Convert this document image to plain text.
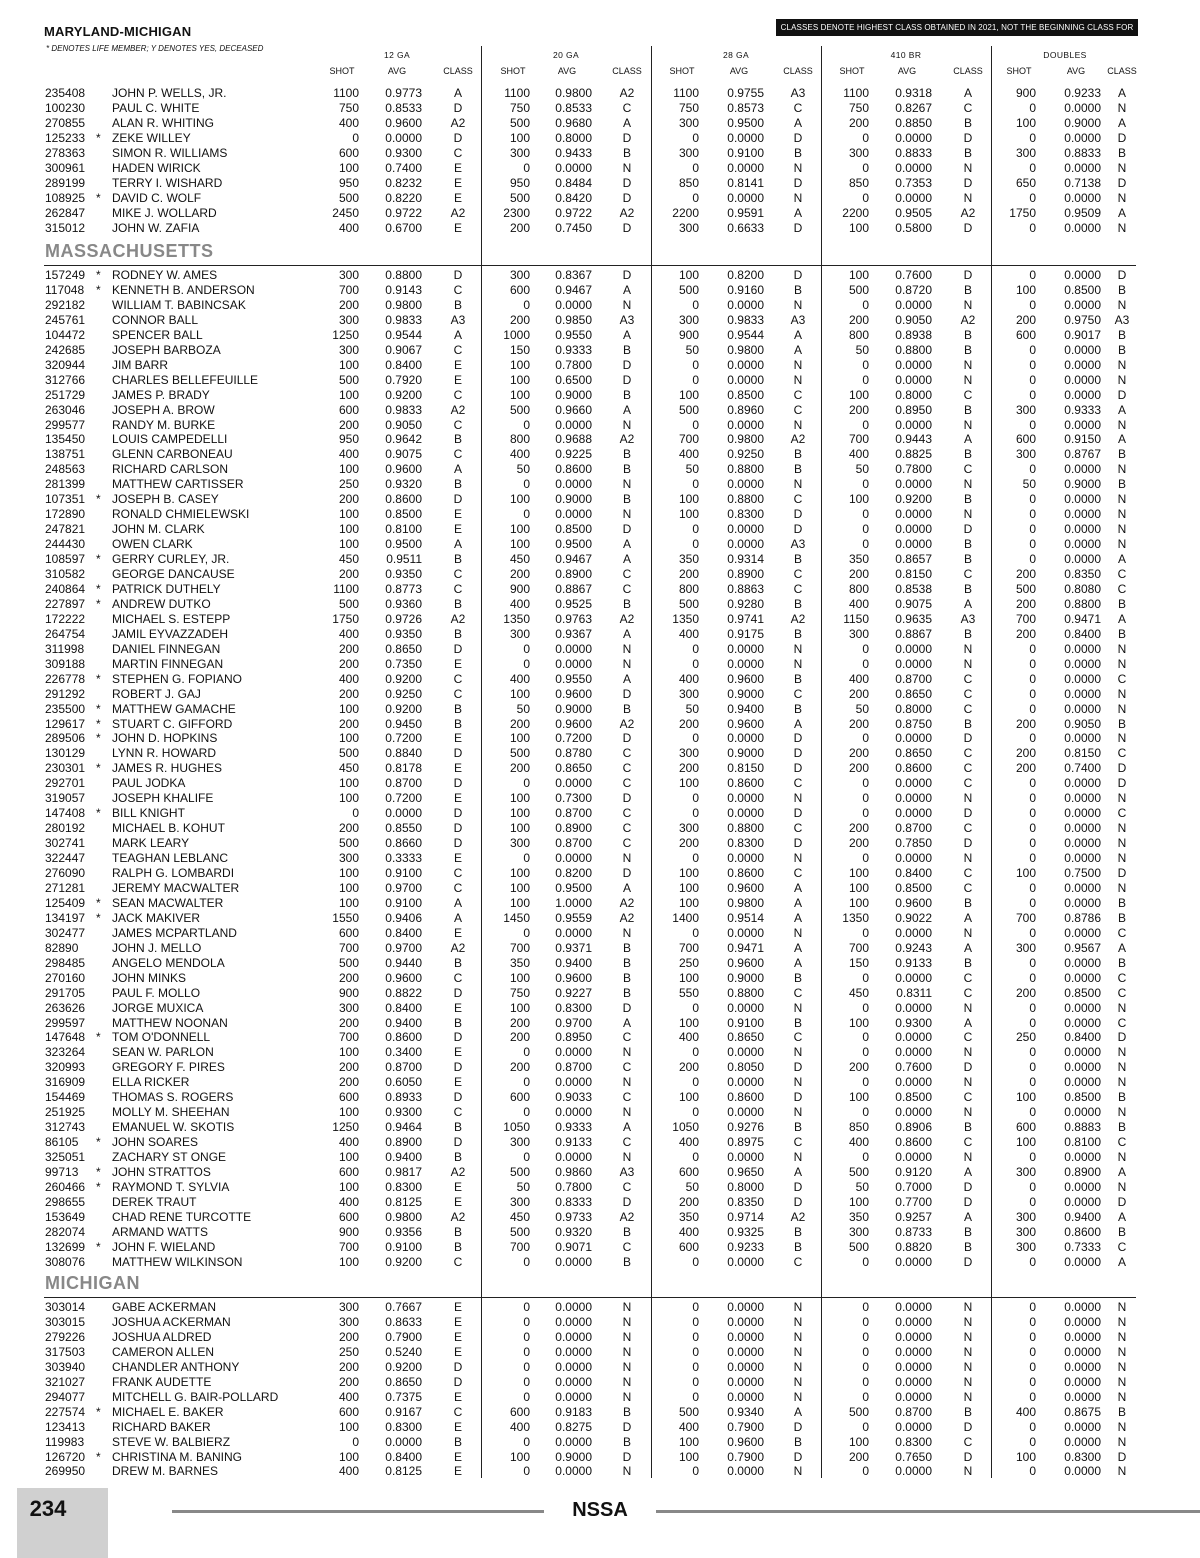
MARYLAND-MICHIGAN
* DENOTES LIFE MEMBER; Y DENOTES YES, DECEASED
CLASSES DENOTE HIGHEST CLASS OBTAINED IN 2021, NOT THE BEGINNING CLASS FOR 2022.
12 GA
SHOT	AVG	CLASS
20 GA
SHOT	AVG	CLASS
28 GA
SHOT	AVG	CLASS
410 BR
SHOT	AVG	CLASS
DOUBLES
SHOT	AVG CLASS
235408 JOHN P. WELLS, JR.	1100 0.9773	A	1100 0.9800 A2	1100 0.9755 A3	1100 0.9318	A	900 0.9233 A
100230 PAUL C. WHITE	750 0.8533	D	750 0.8533	C	750 0.8573 C	750 0.8267	C	0 0.0000 N
270855 ALAN R. WHITING	400 0.9600 A2	500 0.9680	A	300 0.9500 A	200 0.8850	B	100 0.9000 A
125233 * ZEKE WILLEY	0 0.0000	D	100 0.8000	D	0 0.0000 D	0 0.0000	D	0 0.0000 D
278363 SIMON R. WILLIAMS	600 0.9300	C	300 0.9433	B	300 0.9100 B	300 0.8833	B	300 0.8833 B
300961 HADEN WIRICK	100 0.7400	E	0 0.0000	N	0 0.0000 N	0 0.0000	N	0 0.0000 N
289199 TERRY I. WISHARD	950 0.8232	E	950 0.8484	D	850 0.8141 D	850 0.7353	D	650 0.7138 D
108925 * DAVID C. WOLF	500 0.8220	E	500 0.8420	D	0 0.0000 N	0 0.0000	N	0 0.0000 N
262847 MIKE J. WOLLARD	2450 0.9722 A2	2300 0.9722 A2	2200 0.9591 A	2200 0.9505 A2	1750 0.9509 A
315012 JOHN W. ZAFIA	400 0.6700	E	200 0.7450	D	300 0.6633 D	100 0.5800	D	0 0.0000 N
MASSACHUSETTS
157249 * RODNEY W. AMES	300 0.8800	D	300 0.8367	D	100 0.8200 D	100 0.7600	D	0 0.0000 D
117048 * KENNETH B. ANDERSON	700 0.9143	C	600 0.9467	A	500 0.9160 B	500 0.8720	B	100 0.8500 B
292182 WILLIAM T. BABINCSAK	200 0.9800	B	0 0.0000	N	0 0.0000 N	0 0.0000	N	0 0.0000 N
245761 CONNOR BALL	300 0.9833 A3	200 0.9850 A3	300 0.9833 A3	200 0.9050 A2	200 0.9750 A3
104472 SPENCER BALL	1250 0.9544	A	1000 0.9550	A	900 0.9544 A	800 0.8938	B	600 0.9017 B
242685 JOSEPH BARBOZA	300 0.9067	C	150 0.9333	B	50 0.9800 A	50 0.8800	B	0 0.0000 B
320944 JIM BARR	100 0.8400	E	100 0.7800	D	0 0.0000 N	0 0.0000	N	0 0.0000 N
312766 CHARLES BELLEFEUILLE	500 0.7920	E	100 0.6500	D	0 0.0000 N	0 0.0000	N	0 0.0000 N
251729 JAMES P. BRADY	100 0.9200	C	100 0.9000	B	100 0.8500 C	100 0.8000	C	0 0.0000 D
263046 JOSEPH A. BROW	600 0.9833 A2	500 0.9660	A	500 0.8960 C	200 0.8950	B	300 0.9333 A
299577 RANDY M. BURKE	200 0.9050	C	0 0.0000	N	0 0.0000 N	0 0.0000	N	0 0.0000 N
135450 LOUIS CAMPEDELLI	950 0.9642	B	800 0.9688 A2	700 0.9800 A2	700 0.9443	A	600 0.9150 A
138751 GLENN CARBONEAU	400 0.9075	C	400 0.9225	B	400 0.9250 B	400 0.8825	B	300 0.8767 B
248563 RICHARD CARLSON	100 0.9600	A	50 0.8600	B	50 0.8800 B	50 0.7800	C	0 0.0000 N
281399 MATTHEW CARTISSER	250 0.9320	B	0 0.0000	N	0 0.0000 N	0 0.0000	N	50 0.9000 B
107351 * JOSEPH B. CASEY	200 0.8600	D	100 0.9000	B	100 0.8800 C	100 0.9200	B	0 0.0000 N
172890 RONALD CHMIELEWSKI	100 0.8500	E	0 0.0000	N	100 0.8300 D	0 0.0000	N	0 0.0000 N
247821 JOHN M. CLARK	100 0.8100	E	100 0.8500	D	0 0.0000 D	0 0.0000	D	0 0.0000 N
244430 OWEN CLARK	100 0.9500	A	100 0.9500	A	0 0.0000 A3	0 0.0000	B	0 0.0000 N
108597 * GERRY CURLEY, JR.	450 0.9511	B	450 0.9467	A	350 0.9314 B	350 0.8657	B	0 0.0000 A
310582 GEORGE DANCAUSE	200 0.9350	C	200 0.8900	C	200 0.8900 C	200 0.8150	C	200 0.8350 C
240864 * PATRICK DUTHELY	1100 0.8773	C	900 0.8867	C	800 0.8863 C	800 0.8538	B	500 0.8080 C
227897 * ANDREW DUTKO	500 0.9360	B	400 0.9525	B	500 0.9280 B	400 0.9075	A	200 0.8800 B
172222 MICHAEL S. ESTEPP	1750 0.9726 A2	1350 0.9763 A2	1350 0.9741 A2	1150 0.9635 A3	700 0.9471 A
264754 JAMIL EYVAZZADEH	400 0.9350	B	300 0.9367	A	400 0.9175 B	300 0.8867	B	200 0.8400 B
311998 DANIEL FINNEGAN	200 0.8650	D	0 0.0000	N	0 0.0000 N	0 0.0000	N	0 0.0000 N
309188 MARTIN FINNEGAN	200 0.7350	E	0 0.0000	N	0 0.0000 N	0 0.0000	N	0 0.0000 N
226778 * STEPHEN G. FOPIANO	400 0.9200	C	400 0.9550	A	400 0.9600 B	400 0.8700	C	0 0.0000 C
291292 ROBERT J. GAJ	200 0.9250	C	100 0.9600	D	300 0.9000 C	200 0.8650	C	0 0.0000 N
235500 * MATTHEW GAMACHE	100 0.9200	B	50 0.9000	B	50 0.9400 B	50 0.8000	C	0 0.0000 N
129617 * STUART C. GIFFORD	200 0.9450	B	200 0.9600 A2	200 0.9600 A	200 0.8750	B	200 0.9050 B
289506 * JOHN D. HOPKINS	100 0.7200	E	100 0.7200	D	0 0.0000 D	0 0.0000	D	0 0.0000 N
130129 LYNN R. HOWARD	500 0.8840	D	500 0.8780	C	300 0.9000 D	200 0.8650	C	200 0.8150 C
230301 * JAMES R. HUGHES	450 0.8178	E	200 0.8650	C	200 0.8150 D	200 0.8600	C	200 0.7400 D
292701 PAUL JODKA	100 0.8700	D	0 0.0000	C	100 0.8600 C	0 0.0000	C	0 0.0000 D
319057 JOSEPH KHALIFE	100 0.7200	E	100 0.7300	D	0 0.0000 N	0 0.0000	N	0 0.0000 N
147408 * BILL KNIGHT	0 0.0000	D	100 0.8700	C	0 0.0000 D	0 0.0000	D	0 0.0000 C
280192 MICHAEL B. KOHUT	200 0.8550	D	100 0.8900	C	300 0.8800 C	200 0.8700	C	0 0.0000 N
302741 MARK LEARY	500 0.8660	D	300 0.8700	C	200 0.8300 D	200 0.7850	D	0 0.0000 N
322447 TEAGHAN LEBLANC	300 0.3333	E	0 0.0000	N	0 0.0000 N	0 0.0000	N	0 0.0000 N
276090 RALPH G. LOMBARDI	100 0.9100	C	100 0.8200	D	100 0.8600 C	100 0.8400	C	100 0.7500 D
271281 JEREMY MACWALTER	100 0.9700	C	100 0.9500	A	100 0.9600 A	100 0.8500	C	0 0.0000 N
125409 * SEAN MACWALTER	100 0.9100	A	100 1.0000 A2	100 0.9800 A	100 0.9600	B	0 0.0000 B
134197 * JACK MAKIVER	1550 0.9406	A	1450 0.9559 A2	1400 0.9514 A	1350 0.9022	A	700 0.8786 B
302477 JAMES MCPARTLAND	600 0.8400	E	0 0.0000	N	0 0.0000 N	0 0.0000	N	0 0.0000 C
82890	JOHN J. MELLO	700 0.9700 A2	700 0.9371	B	700 0.9471 A	700 0.9243	A	300 0.9567 A
298485 ANGELO MENDOLA	500 0.9440	B	350 0.9400	B	250 0.9600 A	150 0.9133	B	0 0.0000 B
270160 JOHN MINKS	200 0.9600	C	100 0.9600	B	100 0.9000 B	0 0.0000	C	0 0.0000 C
291705 PAUL F. MOLLO	900 0.8822	D	750 0.9227	B	550 0.8800 C	450 0.8311	C	200 0.8500 C
263626 JORGE MUXICA	300 0.8400	E	100 0.8300	D	0 0.0000 N	0 0.0000	N	0 0.0000 N
299597 MATTHEW NOONAN	200 0.9400	B	200 0.9700	A	100 0.9100 B	100 0.9300	A	0 0.0000 C
147648 * TOM O'DONNELL	700 0.8600	D	200 0.8950	C	400 0.8650 C	0 0.0000	C	250 0.8400 D
323264 SEAN W. PARLON	100 0.3400	E	0 0.0000	N	0 0.0000 N	0 0.0000	N	0 0.0000 N
320993 GREGORY F. PIRES	200 0.8700	D	200 0.8700	C	200 0.8050 D	200 0.7600	D	0 0.0000 N
316909 ELLA RICKER	200 0.6050	E	0 0.0000	N	0 0.0000 N	0 0.0000	N	0 0.0000 N
154469 THOMAS S. ROGERS	600 0.8933	D	600 0.9033	C	100 0.8600 D	100 0.8500	C	100 0.8500 B
251925 MOLLY M. SHEEHAN	100 0.9300	C	0 0.0000	N	0 0.0000 N	0 0.0000	N	0 0.0000 N
312743 EMANUEL W. SKOTIS	1250 0.9464	B	1050 0.9333	A	1050 0.9276 B	850 0.8906	B	600 0.8883 B
86105 * JOHN SOARES	400 0.8900	D	300 0.9133	C	400 0.8975 C	400 0.8600	C	100 0.8100 C
325051 ZACHARY ST ONGE	100 0.9400	B	0 0.0000	N	0 0.0000 N	0 0.0000	N	0 0.0000 N
99713 * JOHN STRATTOS	600 0.9817 A2	500 0.9860 A3	600 0.9650 A	500 0.9120	A	300 0.8900 A
260466 * RAYMOND T. SYLVIA	100 0.8300	E	50 0.7800	C	50 0.8000 D	50 0.7000	D	0 0.0000 N
298655 DEREK TRAUT	400 0.8125	E	300 0.8333	D	200 0.8350 D	100 0.7700	D	0 0.0000 D
153649 CHAD RENE TURCOTTE	600 0.9800 A2	450 0.9733 A2	350 0.9714 A2	350 0.9257	A	300 0.9400 A
282074 ARMAND WATTS	900 0.9356	B	500 0.9320	B	400 0.9325 B	300 0.8733	B	300 0.8600 B
132699 * JOHN F. WIELAND	700 0.9100	B	700 0.9071	C	600 0.9233 B	500 0.8820	B	300 0.7333 C
308076 MATTHEW WILKINSON	100 0.9200	C	0 0.0000	B	0 0.0000 C	0 0.0000	D	0 0.0000 A
MICHIGAN
303014 GABE ACKERMAN	300 0.7667	E	0 0.0000	N	0 0.0000 N	0 0.0000	N	0 0.0000 N
303015 JOSHUA ACKERMAN	300 0.8633	E	0 0.0000	N	0 0.0000 N	0 0.0000	N	0 0.0000 N
279226 JOSHUA ALDRED	200 0.7900	E	0 0.0000	N	0 0.0000 N	0 0.0000	N	0 0.0000 N
317503 CAMERON ALLEN	250 0.5240	E	0 0.0000	N	0 0.0000 N	0 0.0000	N	0 0.0000 N
303940 CHANDLER ANTHONY	200 0.9200	D	0 0.0000	N	0 0.0000 N	0 0.0000	N	0 0.0000 N
321027 FRANK AUDETTE	200 0.8650	D	0 0.0000	N	0 0.0000 N	0 0.0000	N	0 0.0000 N
294077 MITCHELL G. BAIR-POLLARD	400 0.7375	E	0 0.0000	N	0 0.0000 N	0 0.0000	N	0 0.0000 N
227574 * MICHAEL E. BAKER	600 0.9167	C	600 0.9183	B	500 0.9340 A	500 0.8700	B	400 0.8675 B
123413 RICHARD BAKER	100 0.8300	E	400 0.8275	D	400 0.7900 D	0 0.0000	D	0 0.0000 N
119983 STEVE W. BALBIERZ	0 0.0000	B	0 0.0000	B	100 0.9600 B	100 0.8300	C	0 0.0000 N
126720 * CHRISTINA M. BANING	100 0.8400	E	100 0.9000	D	100 0.7900 D	200 0.7650	D	100 0.8300 D
269950 DREW M. BARNES	400 0.8125	E	0 0.0000	N	0 0.0000 N	0 0.0000	N	0 0.0000 N
234	NSSA
